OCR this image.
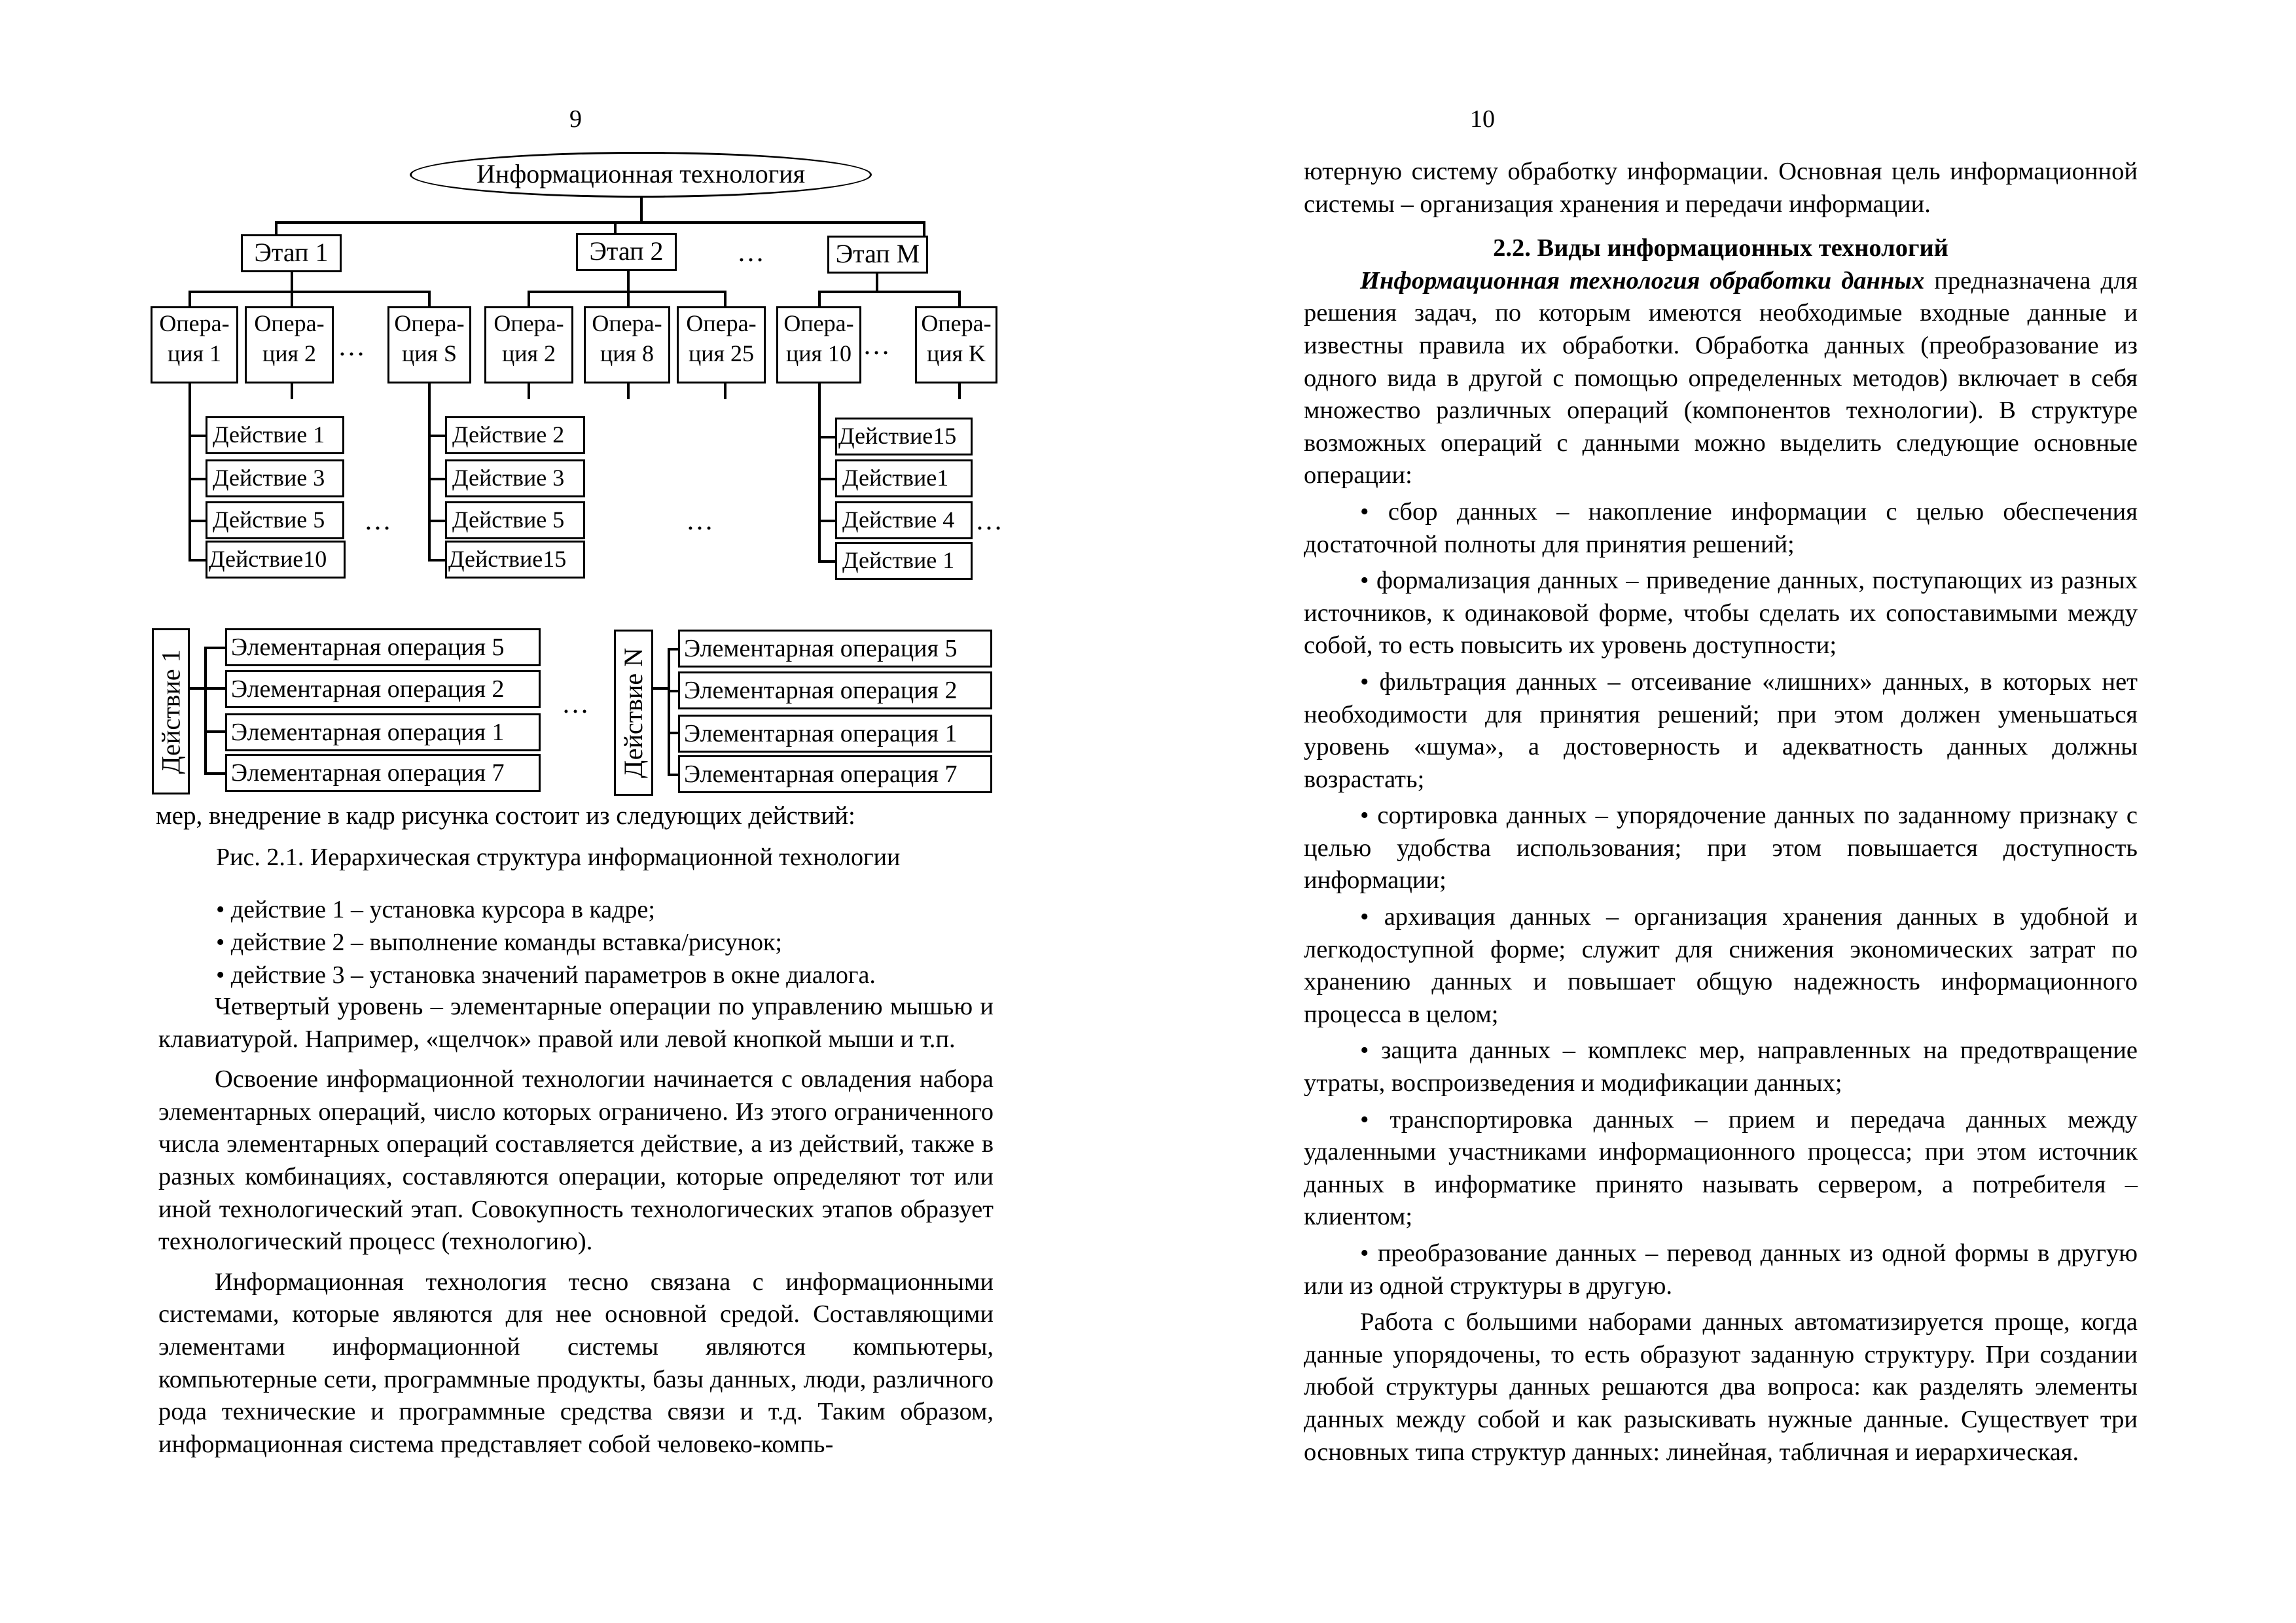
9
Информационная технология
Этап 1	Этап 2	…	Этап M
Опера-
ция 1
Опера-
ция 2 …
Опера-
ция S
Опера-
ция 2
Опера-
ция 8
Опера-
ция 25
Опера-
ция 10 …
Опера-
ция K
Действие 1
Действие 3
Действие 5
Действие10
…
Действие 2
Действие 3
Действие 5
Действие15
…
Действие15
Действие1
Действие 4
Действие 1
…
Действие 1
Элементарная операция 5
Элементарная операция 2
Элементарная операция 1
Элементарная операция 7
… Действие N Элементарная операция 5
Элементарная операция 2
Элементарная операция 1
Элементарная операция 7
мер, внедрение в кадр рисунка состоит из следующих действий:
Рис. 2.1. Иерархическая структура информационной технологии
• действие 1 – установка курсора в кадре;
• действие 2 – выполнение команды вставка/рисунок;
• действие 3 – установка значений параметров в окне диалога.

Четвертый уровень – элементарные операции по управлению мышью и клавиатурой. Например, «щелчок» правой или левой кнопкой мыши и т.п.

Освоение информационной технологии начинается с овладения набора элементарных операций, число которых ограничено. Из этого ограниченного числа элементарных операций составляется действие, а из действий, также в разных комбинациях, составляются операции, которые определяют тот или иной технологический этап. Совокупность технологических этапов образует технологический процесс (технологию).

Информационная технология тесно связана с информационными системами, которые являются для нее основной средой. Составляющими элементами информационной системы являются компьютеры, компьютерные сети, программные продукты, базы данных, люди, различного рода технические и программные средства связи и т.д. Таким образом, информационная система представляет собой человеко-компь-

10

ютерную систему обработку информации. Основная цель информационной системы – организация хранения и передачи информации.

2.2. Виды информационных технологий

Информационная технология обработки данных предназначена для решения задач, по которым имеются необходимые входные данные и известны правила их обработки. Обработка данных (преобразование из одного вида в другой с помощью определенных методов) включает в себя множество различных операций (компонентов технологии). В структуре возможных операций с данными можно выделить следующие основные операции:

• сбор данных – накопление информации с целью обеспечения достаточной полноты для принятия решений;

• формализация данных – приведение данных, поступающих из разных источников, к одинаковой форме, чтобы сделать их сопоставимыми между собой, то есть повысить их уровень доступности;

• фильтрация данных – отсеивание «лишних» данных, в которых нет необходимости для принятия решений; при этом должен уменьшаться уровень «шума», а достоверность и адекватность данных должны возрастать;

• сортировка данных – упорядочение данных по заданному признаку с целью удобства использования; при этом повышается доступность информации;

• архивация данных – организация хранения данных в удобной и легкодоступной форме; служит для снижения экономических затрат по хранению данных и повышает общую надежность информационного процесса в целом;

• защита данных – комплекс мер, направленных на предотвращение утраты, воспроизведения и модификации данных;

• транспортировка данных – прием и передача данных между удаленными участниками информационного процесса; при этом источник данных в информатике принято называть сервером, а потребителя – клиентом;

• преобразование данных – перевод данных из одной формы в другую или из одной структуры в другую.

Работа с большими наборами данных автоматизируется проще, когда данные упорядочены, то есть образуют заданную структуру. При создании любой структуры данных решаются два вопроса: как разделять элементы данных между собой и как разыскивать нужные данные. Существует три основных типа структур данных: линейная, табличная и иерархическая.
